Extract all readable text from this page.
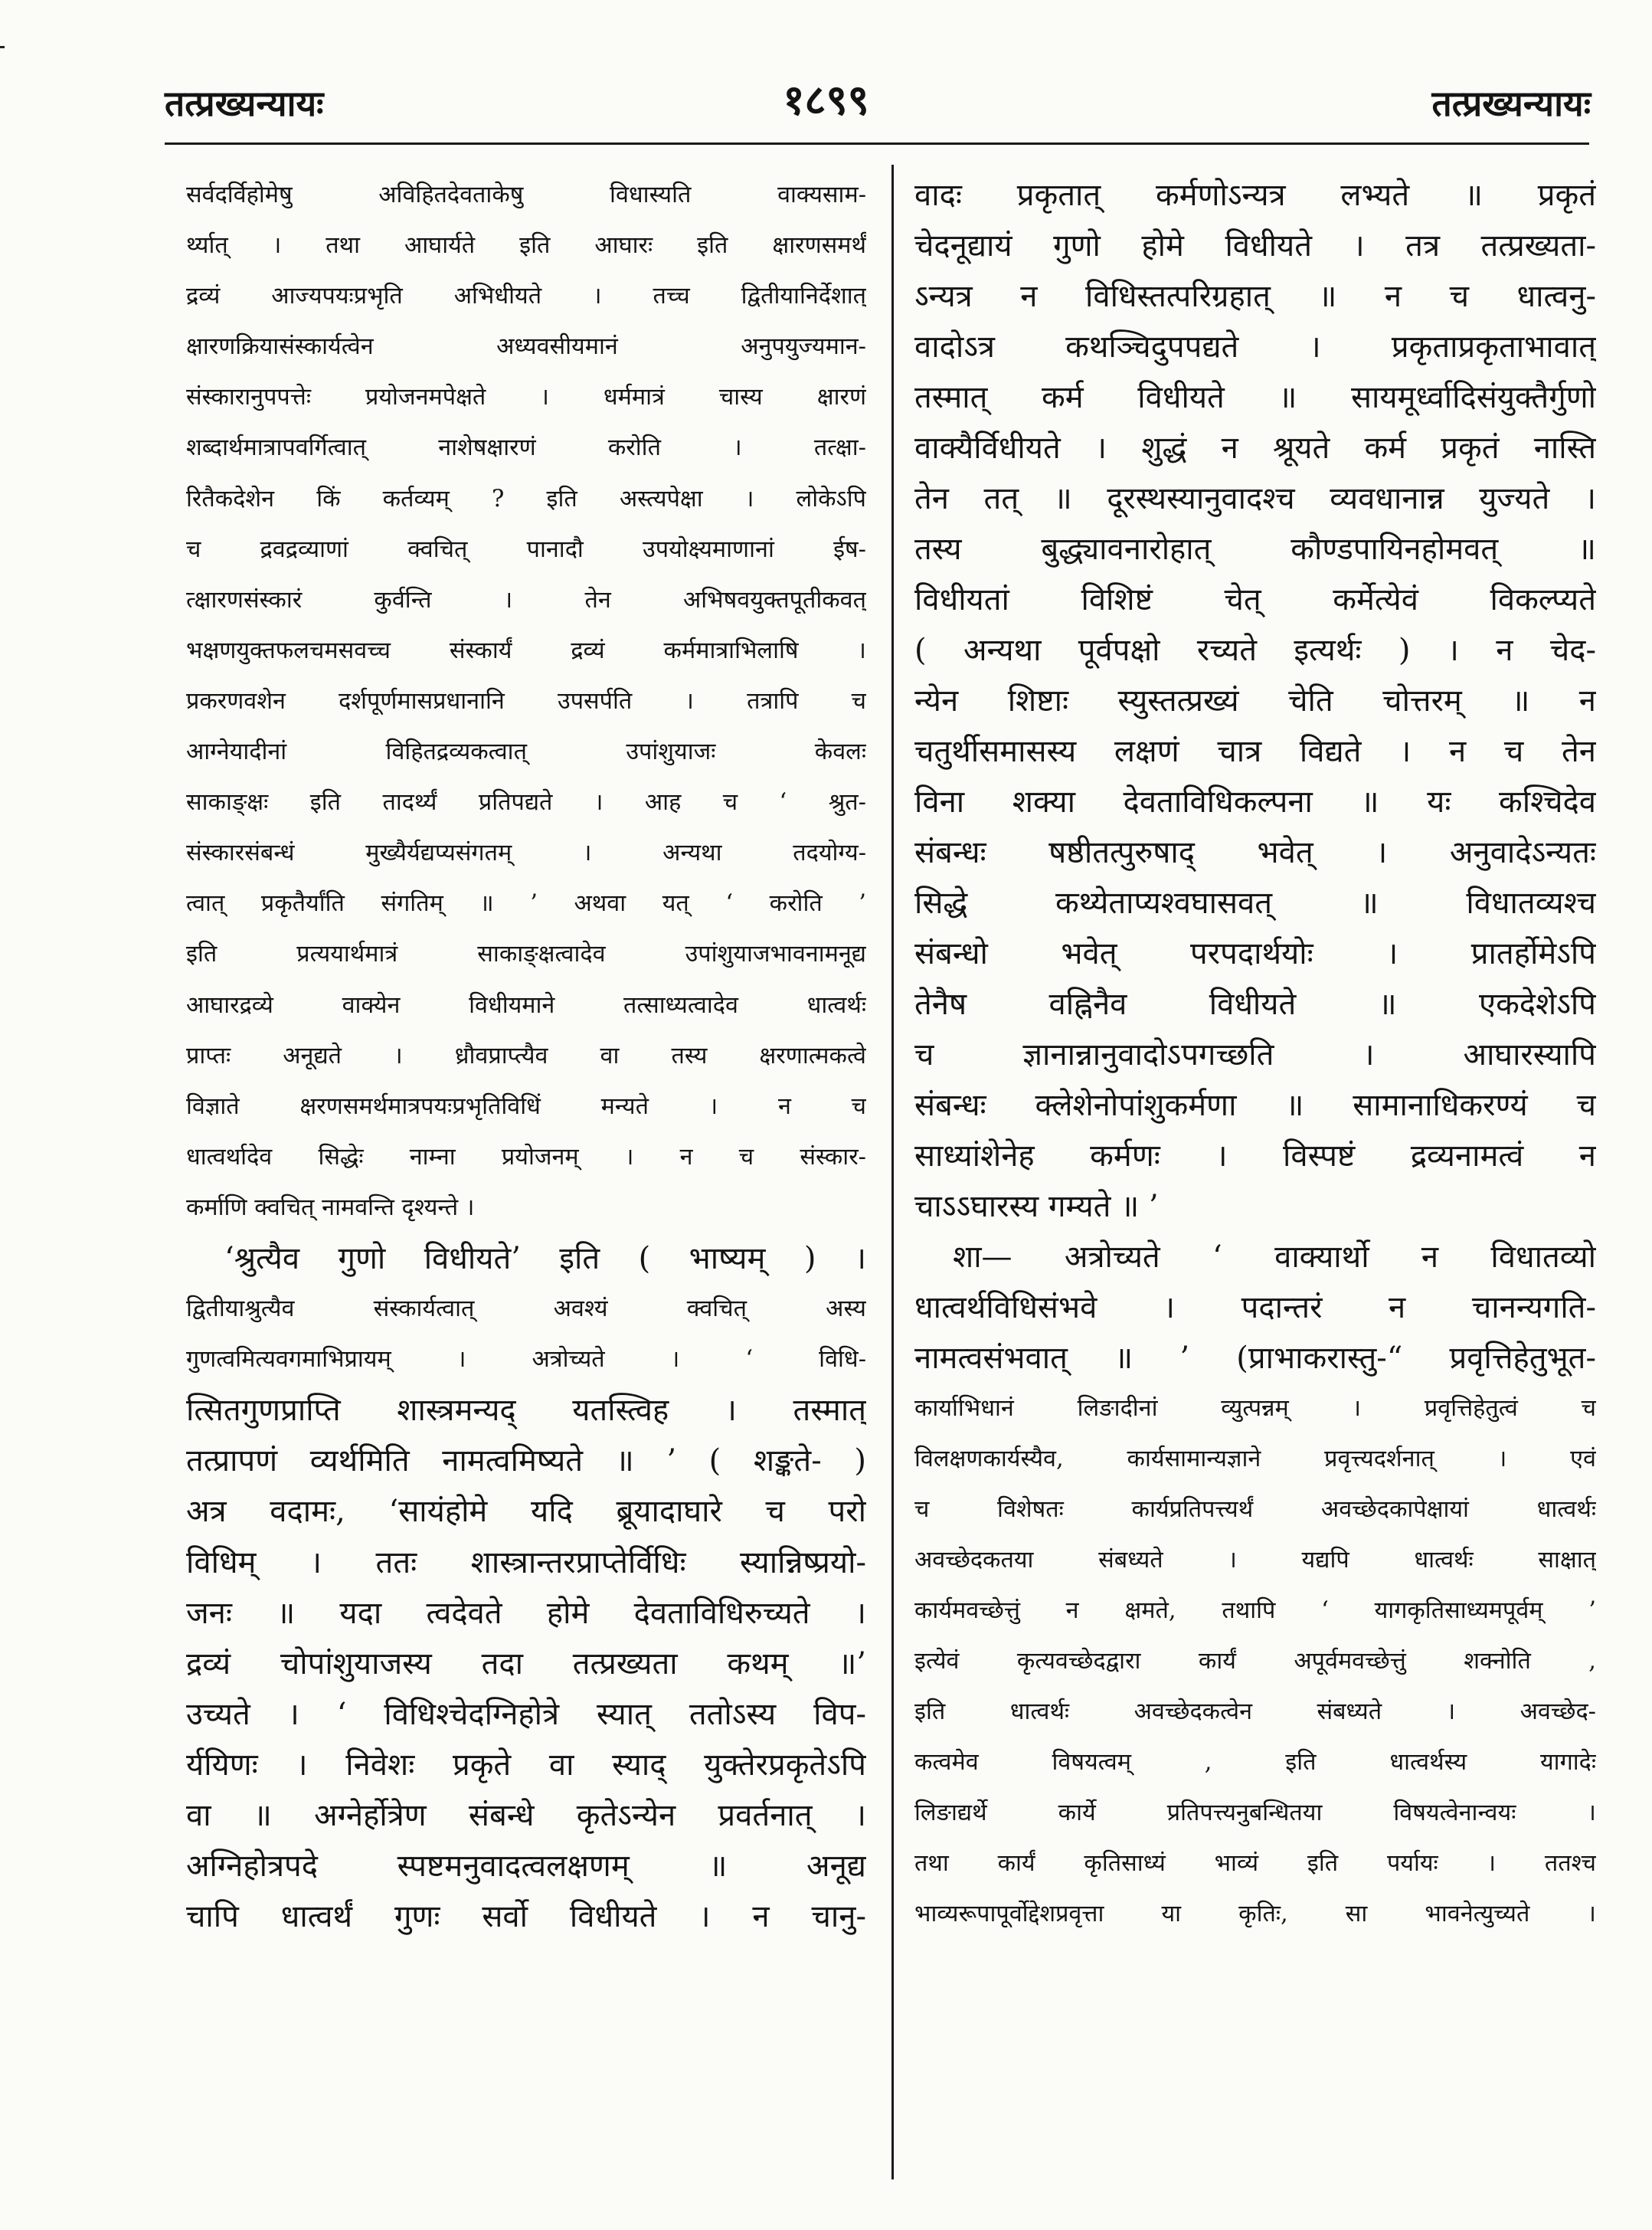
तत्प्रख्यन्यायः	१८९९	तत्प्रख्यन्यायः
सर्वदर्विहोमेषु अविहितदेवताकेषु विधास्यति वाक्यसाम-
र्थ्यात् । तथा आघार्यते इति आघारः इति क्षारणसमर्थं
द्रव्यं आज्यपयःप्रभृति अभिधीयते । तच्च द्वितीयानिर्देशात्
क्षारणक्रियासंस्कार्यत्वेन अध्यवसीयमानं अनुपयुज्यमान-
संस्कारानुपपत्तेः प्रयोजनमपेक्षते । धर्ममात्रं चास्य क्षारणं
शब्दार्थमात्रापवर्गित्वात् नाशेषक्षारणं करोति । तत्क्षा-
रितैकदेशेन किं कर्तव्यम् ? इति अस्त्यपेक्षा । लोकेऽपि
च द्रवद्रव्याणां क्वचित् पानादौ उपयोक्ष्यमाणानां ईष-
त्क्षारणसंस्कारं कुर्वन्ति । तेन अभिषवयुक्तपूतीकवत्
भक्षणयुक्तफलचमसवच्च संस्कार्यं द्रव्यं कर्ममात्राभिलाषि ।
प्रकरणवशेन दर्शपूर्णमासप्रधानानि उपसर्पति । तत्रापि च
आग्नेयादीनां विहितद्रव्यकत्वात् उपांशुयाजः केवलः
साकाङ्क्षः इति तादर्थ्यं प्रतिपद्यते । आह च ‘ श्रुत-
संस्कारसंबन्धं मुख्यैर्यद्यप्यसंगतम् । अन्यथा तदयोग्य-
त्वात् प्रकृतैर्यांति संगतिम् ॥ ’ अथवा यत् ‘ करोति ’
इति प्रत्ययार्थमात्रं साकाङ्क्षत्वादेव उपांशुयाजभावनामनूद्य
आघारद्रव्ये वाक्येन विधीयमाने तत्साध्यत्वादेव धात्वर्थः
प्राप्तः अनूद्यते । ध्रौवप्राप्त्यैव वा तस्य क्षरणात्मकत्वे
विज्ञाते क्षरणसमर्थमात्रपयःप्रभृतिविधिं मन्यते । न च
धात्वर्थादेव सिद्धेः नाम्ना प्रयोजनम् । न च संस्कार-
कर्माणि क्वचित् नामवन्ति दृश्यन्ते ।
‘श्रुत्यैव गुणो विधीयते’ इति ( भाष्यम् ) ।
द्वितीयाश्रुत्यैव संस्कार्यत्वात् अवश्यं क्वचित् अस्य
गुणत्वमित्यवगमाभिप्रायम् । अत्रोच्यते । ‘ विधि-
त्सितगुणप्राप्ति शास्त्रमन्यद् यतस्त्विह । तस्मात्
तत्प्रापणं व्यर्थमिति नामत्वमिष्यते ॥ ’ ( शङ्कते- )
अत्र वदामः, ‘सायंहोमे यदि ब्रूयादाघारे च परो
विधिम् । ततः शास्त्रान्तरप्राप्तेर्विधिः स्यान्निष्प्रयो-
जनः ॥ यदा त्वदेवते होमे देवताविधिरुच्यते ।
द्रव्यं चोपांशुयाजस्य तदा तत्प्रख्यता कथम् ॥’
उच्यते । ‘ विधिश्चेदग्निहोत्रे स्यात् ततोऽस्य विप-
र्ययिणः । निवेशः प्रकृते वा स्याद् युक्तेरप्रकृतेऽपि
वा ॥ अग्नेर्होत्रेण संबन्धे कृतेऽन्येन प्रवर्तनात् ।
अग्निहोत्रपदे स्पष्टमनुवादत्वलक्षणम् ॥ अनूद्य
चापि धात्वर्थं गुणः सर्वो विधीयते । न चानु-
वादः प्रकृतात् कर्मणोऽन्यत्र लभ्यते ॥ प्रकृतं
चेदनूद्यायं गुणो होमे विधीयते । तत्र तत्प्रख्यता-
ऽन्यत्र न विधिस्तत्परिग्रहात् ॥ न च धात्वनु-
वादोऽत्र कथञ्चिदुपपद्यते । प्रकृताप्रकृताभावात्
तस्मात् कर्म विधीयते ॥ सायमूर्ध्वादिसंयुक्तैर्गुणो
वाक्यैर्विधीयते । शुद्धं न श्रूयते कर्म प्रकृतं नास्ति
तेन तत् ॥ दूरस्थस्यानुवादश्च व्यवधानान्न युज्यते ।
तस्य बुद्ध्यावनारोहात् कौण्डपायिनहोमवत् ॥
विधीयतां विशिष्टं चेत् कर्मेत्येवं विकल्प्यते
( अन्यथा पूर्वपक्षो रच्यते इत्यर्थः ) । न चेद-
न्येन शिष्टाः स्युस्तत्प्रख्यं चेति चोत्तरम् ॥ न
चतुर्थीसमासस्य लक्षणं चात्र विद्यते । न च तेन
विना शक्या देवताविधिकल्पना ॥ यः कश्चिदेव
संबन्धः षष्ठीतत्पुरुषाद् भवेत् । अनुवादेऽन्यतः
सिद्धे कथ्येताप्यश्वघासवत् ॥ विधातव्यश्च
संबन्धो भवेत् परपदार्थयोः । प्रातर्होमेऽपि
तेनैष वह्निनैव विधीयते ॥ एकदेशेऽपि
च ज्ञानान्नानुवादोऽपगच्छति । आघारस्यापि
संबन्धः क्लेशेनोपांशुकर्मणा ॥ सामानाधिकरण्यं च
साध्यांशेनेह कर्मणः । विस्पष्टं द्रव्यनामत्वं न
चाऽऽघारस्य गम्यते ॥ ’
शा— अत्रोच्यते ‘ वाक्यार्थो न विधातव्यो
धात्वर्थविधिसंभवे । पदान्तरं न चानन्यगति-
नामत्वसंभवात् ॥ ’ (प्राभाकरास्तु-“ प्रवृत्तिहेतुभूत-
कार्याभिधानं लिङादीनां व्युत्पन्नम् । प्रवृत्तिहेतुत्वं च
विलक्षणकार्यस्यैव, कार्यसामान्यज्ञाने प्रवृत्त्यदर्शनात् । एवं
च विशेषतः कार्यप्रतिपत्त्यर्थं अवच्छेदकापेक्षायां धात्वर्थः
अवच्छेदकतया संबध्यते । यद्यपि धात्वर्थः साक्षात्
कार्यमवच्छेत्तुं न क्षमते, तथापि ‘ यागकृतिसाध्यमपूर्वम् ’
इत्येवं कृत्यवच्छेदद्वारा कार्यं अपूर्वमवच्छेत्तुं शक्नोति ,
इति धात्वर्थः अवच्छेदकत्वेन संबध्यते । अवच्छेद-
कत्वमेव विषयत्वम् , इति धात्वर्थस्य यागादेः
लिङाद्यर्थे कार्ये प्रतिपत्त्यनुबन्धितया विषयत्वेनान्वयः ।
तथा कार्यं कृतिसाध्यं भाव्यं इति पर्यायः । ततश्च
भाव्यरूपापूर्वोद्देशप्रवृत्ता या कृतिः, सा भावनेत्युच्यते ।
